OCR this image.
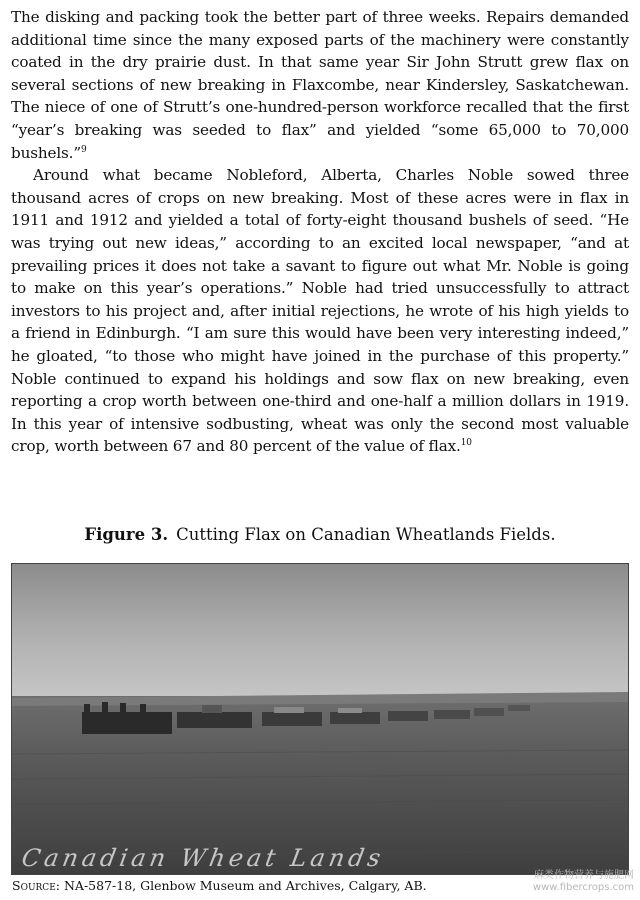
The disking and packing took the better part of three weeks. Repairs demanded additional time since the many exposed parts of the machinery were constantly coated in the dry prairie dust. In that same year Sir John Strutt grew flax on several sections of new breaking in Flaxcombe, near Kindersley, Saskatchewan. The niece of one of Strutt’s one-hundred-person workforce recalled that the first “year’s breaking was seeded to flax” and yielded “some 65,000 to 70,000 bushels.”$^9$

Around what became Nobleford, Alberta, Charles Noble sowed three thousand acres of crops on new breaking. Most of these acres were in flax in 1911 and 1912 and yielded a total of forty-eight thousand bushels of seed. “He was trying out new ideas,” according to an excited local newspaper, “and at prevailing prices it does not take a savant to figure out what Mr. Noble is going to make on this year’s operations.” Noble had tried unsuccessfully to attract investors to his project and, after initial rejections, he wrote of his high yields to a friend in Edinburgh. “I am sure this would have been very interesting indeed,” he gloated, “to those who might have joined in the purchase of this property.” Noble continued to expand his holdings and sow flax on new breaking, even reporting a crop worth between one-third and one-half a million dollars in 1919. In this year of intensive sodbusting, wheat was only the second most valuable crop, worth between 67 and 80 percent of the value of flax.$^{10}$

Figure 3. Cutting Flax on Canadian Wheatlands Fields.
Canadian Wheat Lands
Source: NA-587-18, Glenbow Museum and Archives, Calgary, AB.
麻类作物营养与施肥网
www.fibercrops.com
